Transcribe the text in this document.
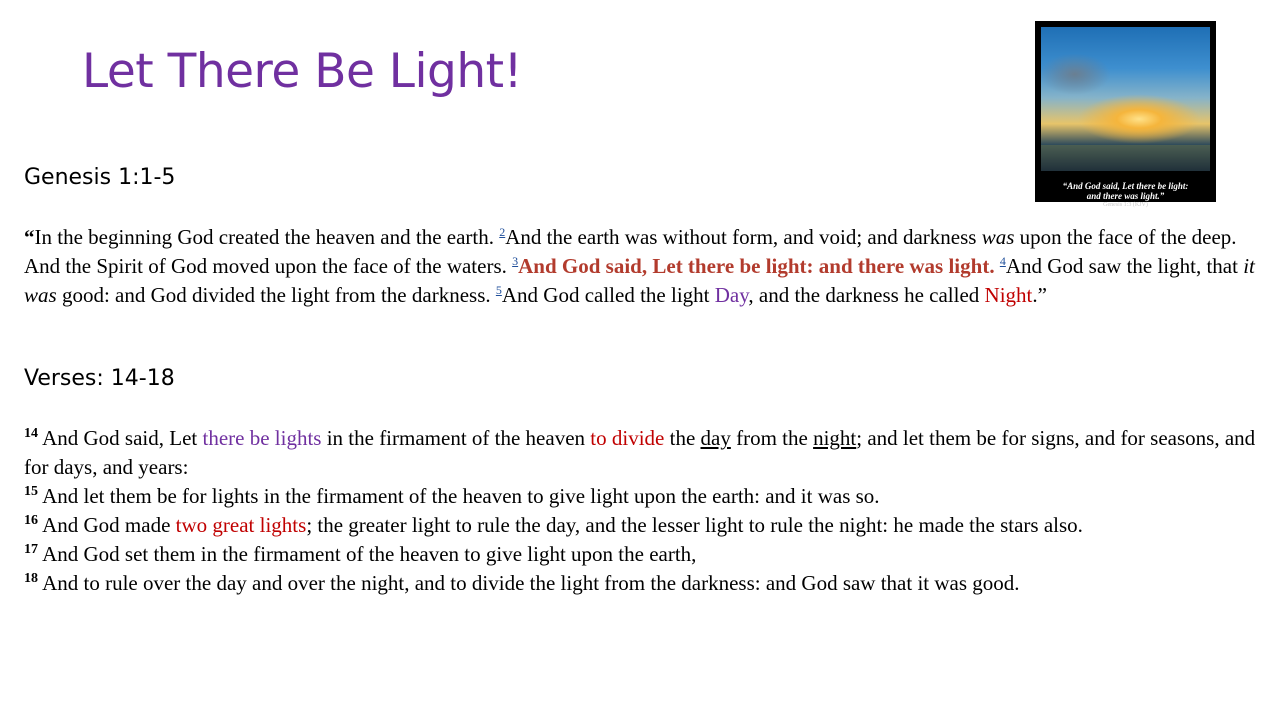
Let There Be Light!
“And God said, Let there be light:
and there was light.”
Genesis 1:3 (KJV)
Genesis 1:1-5

“In the beginning God created the heaven and the earth. $^2$And the earth was without form, and void; and darkness was upon the face of the deep. And the Spirit of God moved upon the face of the waters. $^3$And God said, Let there be light: and there was light. $^4$And God saw the light, that it was good: and God divided the light from the darkness. $^5$And God called the light Day, and the darkness he called Night.”

Verses: 14-18

$^{14}$ And God said, Let there be lights in the firmament of the heaven to divide the day from the night; and let them be for signs, and for seasons, and for days, and years:
$^{15}$ And let them be for lights in the firmament of the heaven to give light upon the earth: and it was so.
$^{16}$ And God made two great lights; the greater light to rule the day, and the lesser light to rule the night: he made the stars also.
$^{17}$ And God set them in the firmament of the heaven to give light upon the earth,
$^{18}$ And to rule over the day and over the night, and to divide the light from the darkness: and God saw that it was good.
